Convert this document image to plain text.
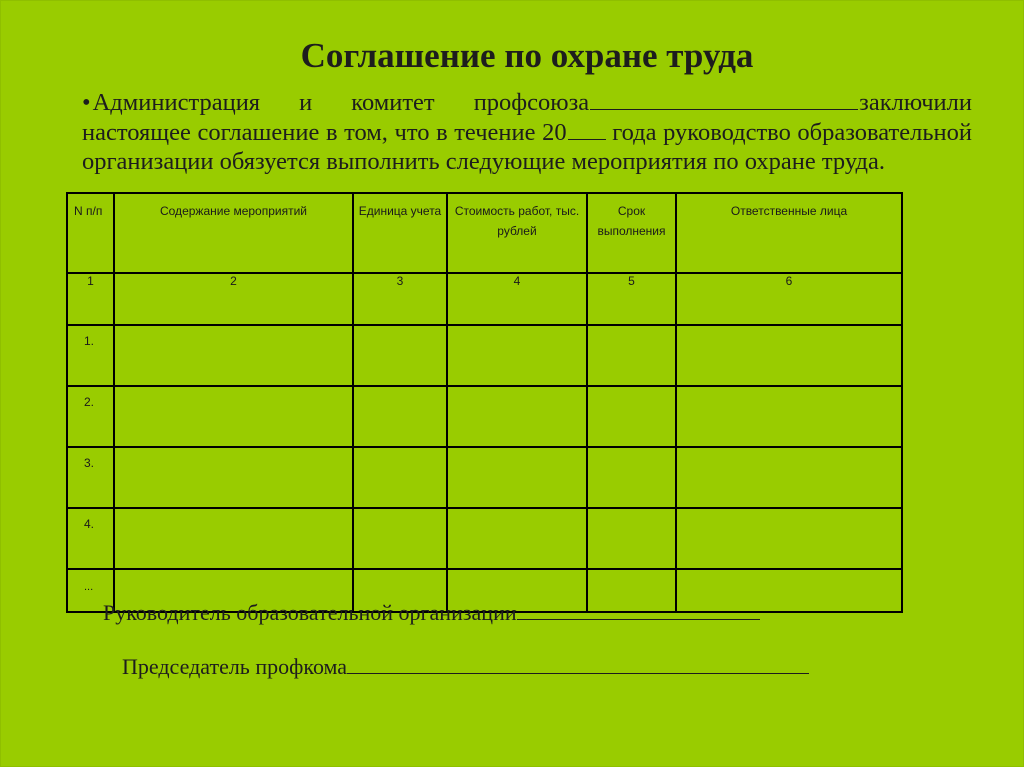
Соглашение по охране труда
•Администрация и комитет профсоюза	заключили настоящее соглашение в том, что в течение 20 года руководство образовательной организации обязуется выполнить следующие мероприятия по охране труда.
N п/п	Содержание мероприятий	Единица учета	Стоимость работ, тыс. рублей	Срок выполнения	Ответственные лица
1	2	3	4	5	6
1.					
2.					
3.					
4.					
...					
Руководитель образовательной организации
Председатель профкома
